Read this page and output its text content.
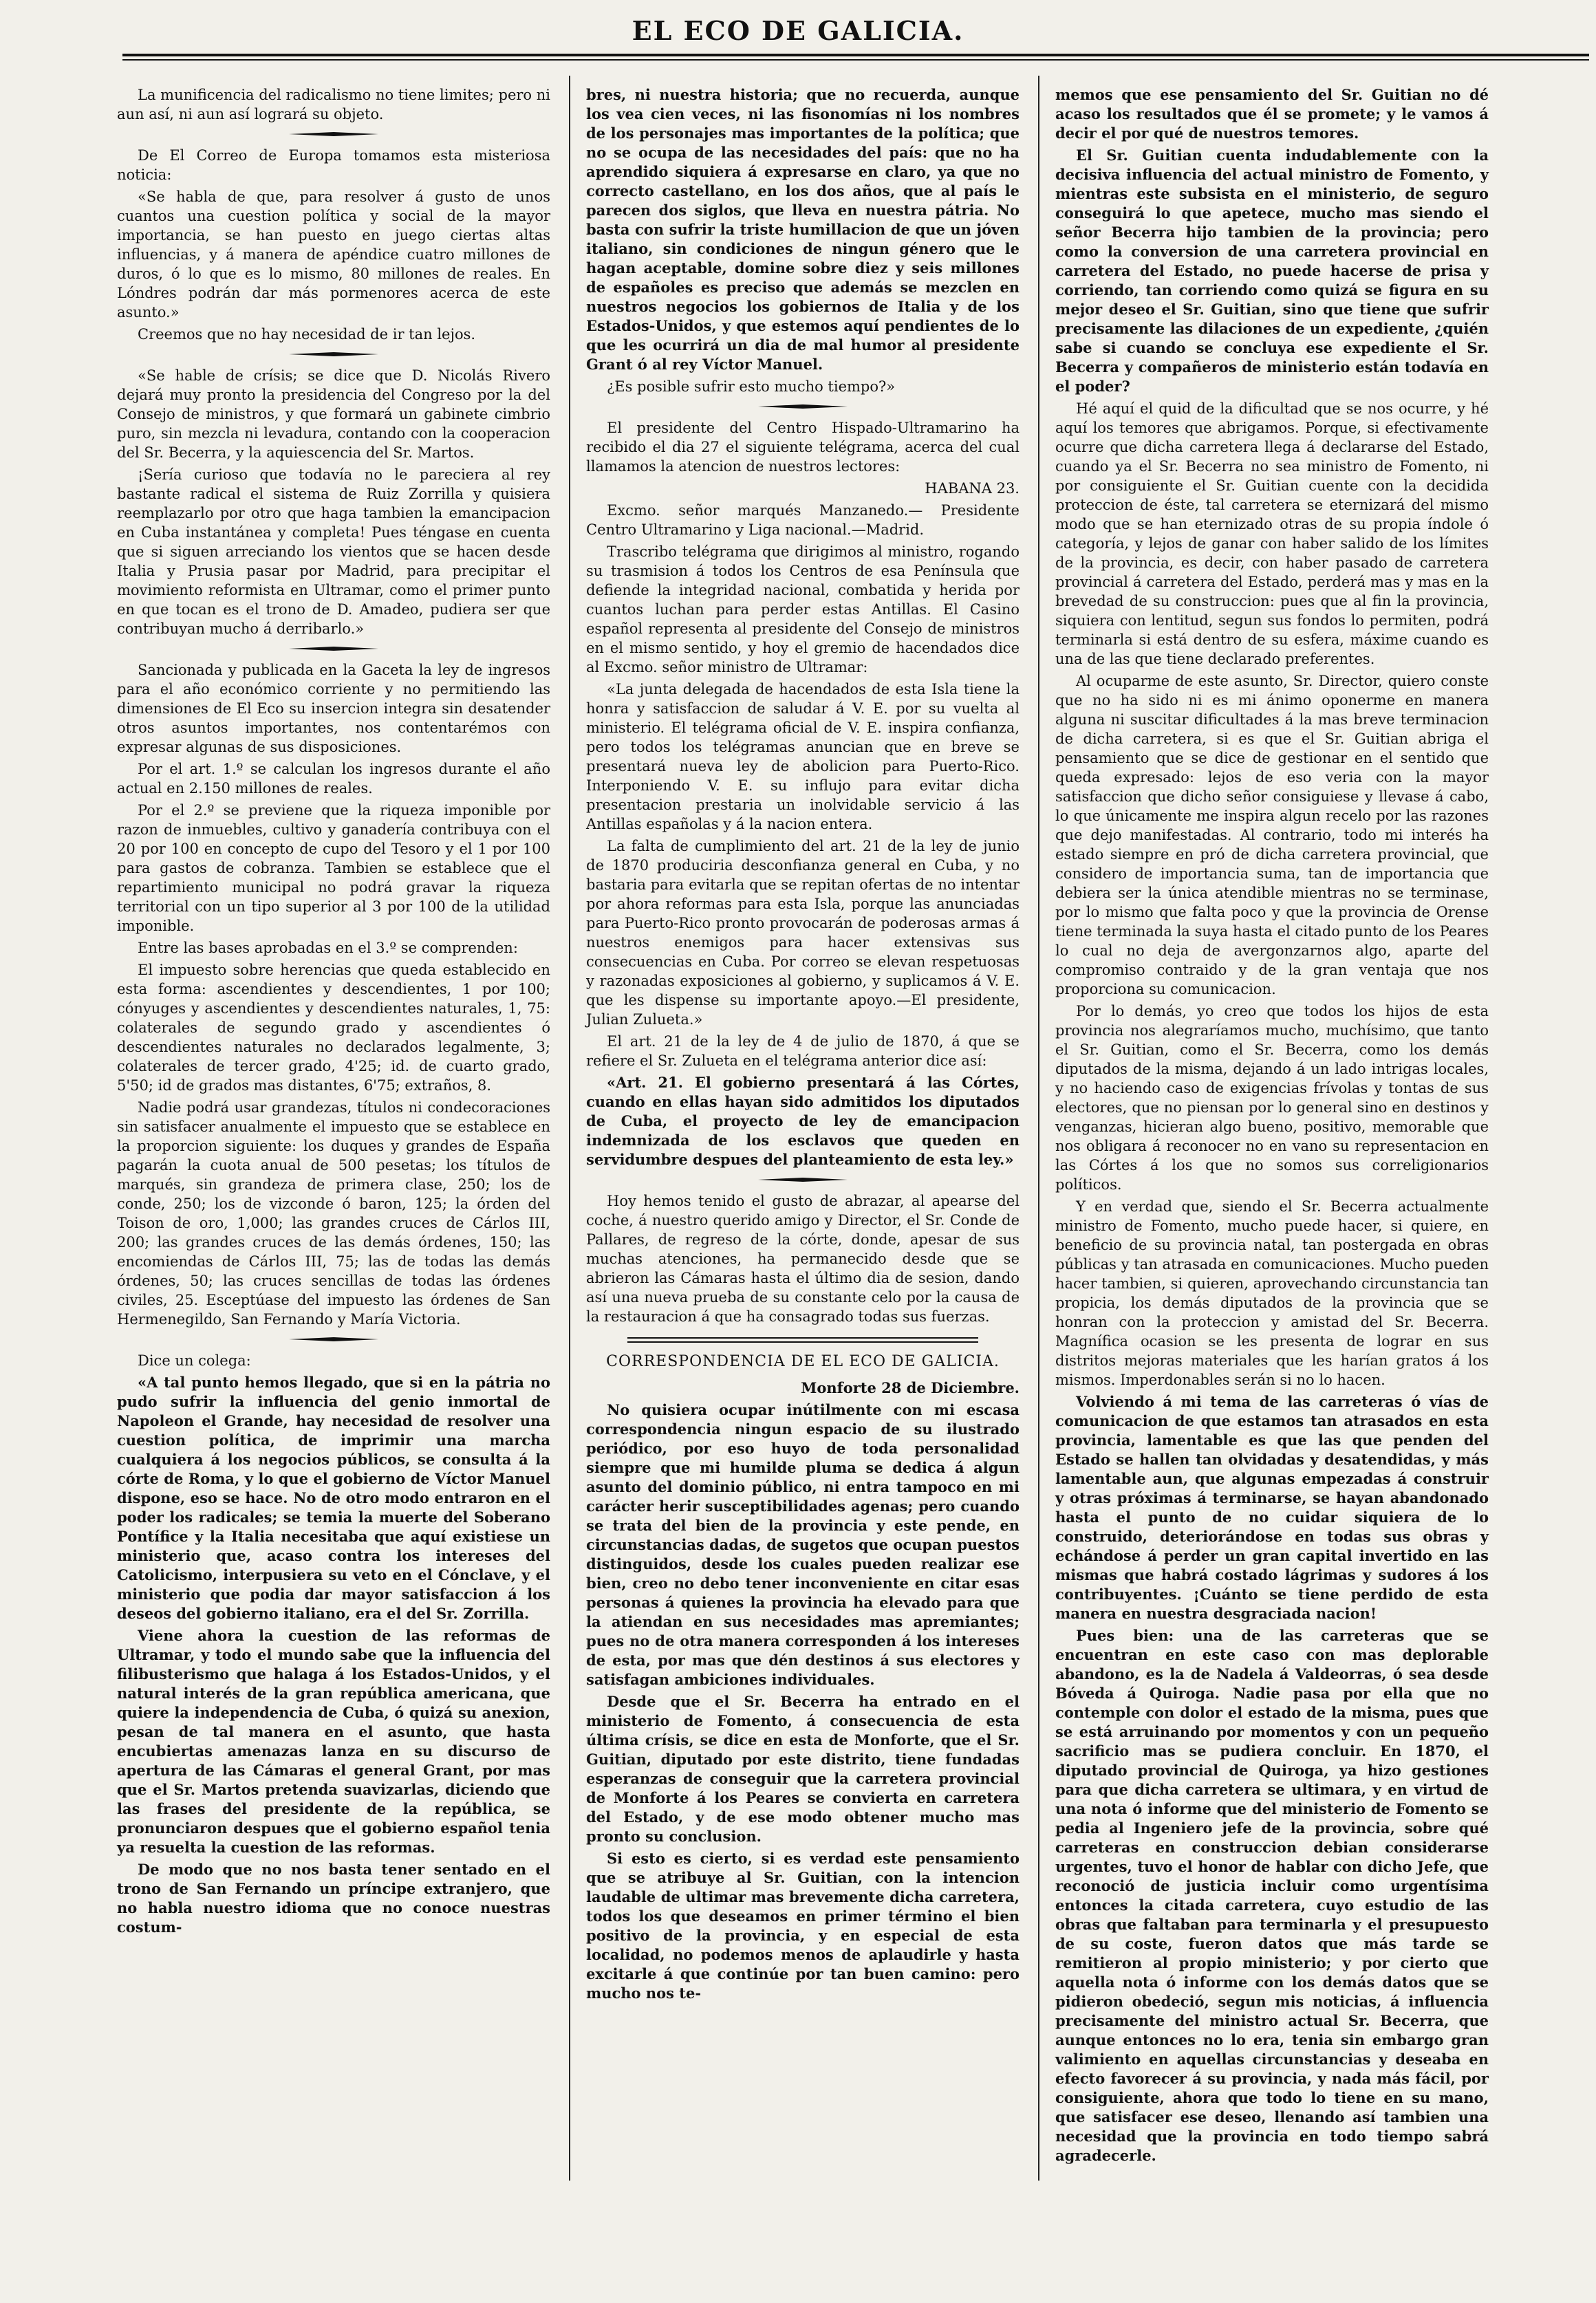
EL ECO DE GALICIA.

La munificencia del radicalismo no tiene limites; pero ni aun así, ni aun así logrará su objeto.

De El Correo de Europa tomamos esta misteriosa noticia:

«Se habla de que, para resolver á gusto de unos cuantos una cuestion política y social de la mayor importancia, se han puesto en juego ciertas altas influencias, y á manera de apéndice cuatro millones de duros, ó lo que es lo mismo, 80 millones de reales. En Lóndres podrán dar más pormenores acerca de este asunto.»

Creemos que no hay necesidad de ir tan lejos.

«Se hable de crísis; se dice que D. Nicolás Rivero dejará muy pronto la presidencia del Congreso por la del Consejo de ministros, y que formará un gabinete cimbrio puro, sin mezcla ni levadura, contando con la cooperacion del Sr. Becerra, y la aquiescencia del Sr. Martos.

¡Sería curioso que todavía no le pareciera al rey bastante radical el sistema de Ruiz Zorrilla y quisiera reemplazarlo por otro que haga tambien la emancipacion en Cuba instantánea y completa! Pues téngase en cuenta que si siguen arreciando los vientos que se hacen desde Italia y Prusia pasar por Madrid, para precipitar el movimiento reformista en Ultramar, como el primer punto en que tocan es el trono de D. Amadeo, pudiera ser que contribuyan mucho á derribarlo.»

Sancionada y publicada en la Gaceta la ley de ingresos para el año económico corriente y no permitiendo las dimensiones de El Eco su insercion integra sin desatender otros asuntos importantes, nos contentarémos con expresar algunas de sus disposiciones.

Por el art. 1.º se calculan los ingresos durante el año actual en 2.150 millones de reales.

Por el 2.º se previene que la riqueza imponible por razon de inmuebles, cultivo y ganadería contribuya con el 20 por 100 en concepto de cupo del Tesoro y el 1 por 100 para gastos de cobranza. Tambien se establece que el repartimiento municipal no podrá gravar la riqueza territorial con un tipo superior al 3 por 100 de la utilidad imponible.

Entre las bases aprobadas en el 3.º se comprenden:

El impuesto sobre herencias que queda establecido en esta forma: ascendientes y descendientes, 1 por 100; cónyuges y ascendientes y descendientes naturales, 1, 75: colaterales de segundo grado y ascendientes ó descendientes naturales no declarados legalmente, 3; colaterales de tercer grado, 4'25; id. de cuarto grado, 5'50; id de grados mas distantes, 6'75; extraños, 8.

Nadie podrá usar grandezas, títulos ni condecoraciones sin satisfacer anualmente el impuesto que se establece en la proporcion siguiente: los duques y grandes de España pagarán la cuota anual de 500 pesetas; los títulos de marqués, sin grandeza de primera clase, 250; los de conde, 250; los de vizconde ó baron, 125; la órden del Toison de oro, 1,000; las grandes cruces de Cárlos III, 200; las grandes cruces de las demás órdenes, 150; las encomiendas de Cárlos III, 75; las de todas las demás órdenes, 50; las cruces sencillas de todas las órdenes civiles, 25. Esceptúase del impuesto las órdenes de San Hermenegildo, San Fernando y María Victoria.

Dice un colega:

«A tal punto hemos llegado, que si en la pátria no pudo sufrir la influencia del genio inmortal de Napoleon el Grande, hay necesidad de resolver una cuestion política, de imprimir una marcha cualquiera á los negocios públicos, se consulta á la córte de Roma, y lo que el gobierno de Víctor Manuel dispone, eso se hace. No de otro modo entraron en el poder los radicales; se temia la muerte del Soberano Pontífice y la Italia necesitaba que aquí existiese un ministerio que, acaso contra los intereses del Catolicismo, interpusiera su veto en el Cónclave, y el ministerio que podia dar mayor satisfaccion á los deseos del gobierno italiano, era el del Sr. Zorrilla.

Viene ahora la cuestion de las reformas de Ultramar, y todo el mundo sabe que la influencia del filibusterismo que halaga á los Estados-Unidos, y el natural interés de la gran república americana, que quiere la independencia de Cuba, ó quizá su anexion, pesan de tal manera en el asunto, que hasta encubiertas amenazas lanza en su discurso de apertura de las Cámaras el general Grant, por mas que el Sr. Martos pretenda suavizarlas, diciendo que las frases del presidente de la república, se pronunciaron despues que el gobierno español tenia ya resuelta la cuestion de las reformas.

De modo que no nos basta tener sentado en el trono de San Fernando un príncipe extranjero, que no habla nuestro idioma que no conoce nuestras costum-

bres, ni nuestra historia; que no recuerda, aunque los vea cien veces, ni las fisonomías ni los nombres de los personajes mas importantes de la política; que no se ocupa de las necesidades del país: que no ha aprendido siquiera á expresarse en claro, ya que no correcto castellano, en los dos años, que al país le parecen dos siglos, que lleva en nuestra pátria. No basta con sufrir la triste humillacion de que un jóven italiano, sin condiciones de ningun género que le hagan aceptable, domine sobre diez y seis millones de españoles es preciso que además se mezclen en nuestros negocios los gobiernos de Italia y de los Estados-Unidos, y que estemos aquí pendientes de lo que les ocurrirá un dia de mal humor al presidente Grant ó al rey Víctor Manuel.

¿Es posible sufrir esto mucho tiempo?»

El presidente del Centro Hispado-Ultramarino ha recibido el dia 27 el siguiente telégrama, acerca del cual llamamos la atencion de nuestros lectores:

HABANA 23.

Excmo. señor marqués Manzanedo.— Presidente Centro Ultramarino y Liga nacional.—Madrid.

Trascribo telégrama que dirigimos al ministro, rogando su trasmision á todos los Centros de esa Península que defiende la integridad nacional, combatida y herida por cuantos luchan para perder estas Antillas. El Casino español representa al presidente del Consejo de ministros en el mismo sentido, y hoy el gremio de hacendados dice al Excmo. señor ministro de Ultramar:

«La junta delegada de hacendados de esta Isla tiene la honra y satisfaccion de saludar á V. E. por su vuelta al ministerio. El telégrama oficial de V. E. inspira confianza, pero todos los telégramas anuncian que en breve se presentará nueva ley de abolicion para Puerto-Rico. Interponiendo V. E. su influjo para evitar dicha presentacion prestaria un inolvidable servicio á las Antillas españolas y á la nacion entera.

La falta de cumplimiento del art. 21 de la ley de junio de 1870 produciria desconfianza general en Cuba, y no bastaria para evitarla que se repitan ofertas de no intentar por ahora reformas para esta Isla, porque las anunciadas para Puerto-Rico pronto provocarán de poderosas armas á nuestros enemigos para hacer extensivas sus consecuencias en Cuba. Por correo se elevan respetuosas y razonadas exposiciones al gobierno, y suplicamos á V. E. que les dispense su importante apoyo.—El presidente, Julian Zulueta.»

El art. 21 de la ley de 4 de julio de 1870, á que se refiere el Sr. Zulueta en el telégrama anterior dice así:

«Art. 21. El gobierno presentará á las Córtes, cuando en ellas hayan sido admitidos los diputados de Cuba, el proyecto de ley de emancipacion indemnizada de los esclavos que queden en servidumbre despues del planteamiento de esta ley.»

Hoy hemos tenido el gusto de abrazar, al apearse del coche, á nuestro querido amigo y Director, el Sr. Conde de Pallares, de regreso de la córte, donde, apesar de sus muchas atenciones, ha permanecido desde que se abrieron las Cámaras hasta el último dia de sesion, dando así una nueva prueba de su constante celo por la causa de la restauracion á que ha consagrado todas sus fuerzas.

CORRESPONDENCIA DE EL ECO DE GALICIA.

Monforte 28 de Diciembre.

No quisiera ocupar inútilmente con mi escasa correspondencia ningun espacio de su ilustrado periódico, por eso huyo de toda personalidad siempre que mi humilde pluma se dedica á algun asunto del dominio público, ni entra tampoco en mi carácter herir susceptibilidades agenas; pero cuando se trata del bien de la provincia y este pende, en circunstancias dadas, de sugetos que ocupan puestos distinguidos, desde los cuales pueden realizar ese bien, creo no debo tener inconveniente en citar esas personas á quienes la provincia ha elevado para que la atiendan en sus necesidades mas apremiantes; pues no de otra manera corresponden á los intereses de esta, por mas que dén destinos á sus electores y satisfagan ambiciones individuales.

Desde que el Sr. Becerra ha entrado en el ministerio de Fomento, á consecuencia de esta última crísis, se dice en esta de Monforte, que el Sr. Guitian, diputado por este distrito, tiene fundadas esperanzas de conseguir que la carretera provincial de Monforte á los Peares se convierta en carretera del Estado, y de ese modo obtener mucho mas pronto su conclusion.

Si esto es cierto, si es verdad este pensamiento que se atribuye al Sr. Guitian, con la intencion laudable de ultimar mas brevemente dicha carretera, todos los que deseamos en primer término el bien positivo de la provincia, y en especial de esta localidad, no podemos menos de aplaudirle y hasta excitarle á que continúe por tan buen camino: pero mucho nos te-

memos que ese pensamiento del Sr. Guitian no dé acaso los resultados que él se promete; y le vamos á decir el por qué de nuestros temores.

El Sr. Guitian cuenta indudablemente con la decisiva influencia del actual ministro de Fomento, y mientras este subsista en el ministerio, de seguro conseguirá lo que apetece, mucho mas siendo el señor Becerra hijo tambien de la provincia; pero como la conversion de una carretera provincial en carretera del Estado, no puede hacerse de prisa y corriendo, tan corriendo como quizá se figura en su mejor deseo el Sr. Guitian, sino que tiene que sufrir precisamente las dilaciones de un expediente, ¿quién sabe si cuando se concluya ese expediente el Sr. Becerra y compañeros de ministerio están todavía en el poder?

Hé aquí el quid de la dificultad que se nos ocurre, y hé aquí los temores que abrigamos. Porque, si efectivamente ocurre que dicha carretera llega á declararse del Estado, cuando ya el Sr. Becerra no sea ministro de Fomento, ni por consiguiente el Sr. Guitian cuente con la decidida proteccion de éste, tal carretera se eternizará del mismo modo que se han eternizado otras de su propia índole ó categoría, y lejos de ganar con haber salido de los límites de la provincia, es decir, con haber pasado de carretera provincial á carretera del Estado, perderá mas y mas en la brevedad de su construccion: pues que al fin la provincia, siquiera con lentitud, segun sus fondos lo permiten, podrá terminarla si está dentro de su esfera, máxime cuando es una de las que tiene declarado preferentes.

Al ocuparme de este asunto, Sr. Director, quiero conste que no ha sido ni es mi ánimo oponerme en manera alguna ni suscitar dificultades á la mas breve terminacion de dicha carretera, si es que el Sr. Guitian abriga el pensamiento que se dice de gestionar en el sentido que queda expresado: lejos de eso veria con la mayor satisfaccion que dicho señor consiguiese y llevase á cabo, lo que únicamente me inspira algun recelo por las razones que dejo manifestadas. Al contrario, todo mi interés ha estado siempre en pró de dicha carretera provincial, que considero de importancia suma, tan de importancia que debiera ser la única atendible mientras no se terminase, por lo mismo que falta poco y que la provincia de Orense tiene terminada la suya hasta el citado punto de los Peares lo cual no deja de avergonzarnos algo, aparte del compromiso contraido y de la gran ventaja que nos proporciona su comunicacion.

Por lo demás, yo creo que todos los hijos de esta provincia nos alegraríamos mucho, muchísimo, que tanto el Sr. Guitian, como el Sr. Becerra, como los demás diputados de la misma, dejando á un lado intrigas locales, y no haciendo caso de exigencias frívolas y tontas de sus electores, que no piensan por lo general sino en destinos y venganzas, hicieran algo bueno, positivo, memorable que nos obligara á reconocer no en vano su representacion en las Córtes á los que no somos sus correligionarios políticos.

Y en verdad que, siendo el Sr. Becerra actualmente ministro de Fomento, mucho puede hacer, si quiere, en beneficio de su provincia natal, tan postergada en obras públicas y tan atrasada en comunicaciones. Mucho pueden hacer tambien, si quieren, aprovechando circunstancia tan propicia, los demás diputados de la provincia que se honran con la proteccion y amistad del Sr. Becerra. Magnífica ocasion se les presenta de lograr en sus distritos mejoras materiales que les harían gratos á los mismos. Imperdonables serán si no lo hacen.

Volviendo á mi tema de las carreteras ó vías de comunicacion de que estamos tan atrasados en esta provincia, lamentable es que las que penden del Estado se hallen tan olvidadas y desatendidas, y más lamentable aun, que algunas empezadas á construir y otras próximas á terminarse, se hayan abandonado hasta el punto de no cuidar siquiera de lo construido, deteriorándose en todas sus obras y echándose á perder un gran capital invertido en las mismas que habrá costado lágrimas y sudores á los contribuyentes. ¡Cuánto se tiene perdido de esta manera en nuestra desgraciada nacion!

Pues bien: una de las carreteras que se encuentran en este caso con mas deplorable abandono, es la de Nadela á Valdeorras, ó sea desde Bóveda á Quiroga. Nadie pasa por ella que no contemple con dolor el estado de la misma, pues que se está arruinando por momentos y con un pequeño sacrificio mas se pudiera concluir. En 1870, el diputado provincial de Quiroga, ya hizo gestiones para que dicha carretera se ultimara, y en virtud de una nota ó informe que del ministerio de Fomento se pedia al Ingeniero jefe de la provincia, sobre qué carreteras en construccion debian considerarse urgentes, tuvo el honor de hablar con dicho Jefe, que reconoció de justicia incluir como urgentísima entonces la citada carretera, cuyo estudio de las obras que faltaban para terminarla y el presupuesto de su coste, fueron datos que más tarde se remitieron al propio ministerio; y por cierto que aquella nota ó informe con los demás datos que se pidieron obedeció, segun mis noticias, á influencia precisamente del ministro actual Sr. Becerra, que aunque entonces no lo era, tenia sin embargo gran valimiento en aquellas circunstancias y deseaba en efecto favorecer á su provincia, y nada más fácil, por consiguiente, ahora que todo lo tiene en su mano, que satisfacer ese deseo, llenando así tambien una necesidad que la provincia en todo tiempo sabrá agradecerle.
